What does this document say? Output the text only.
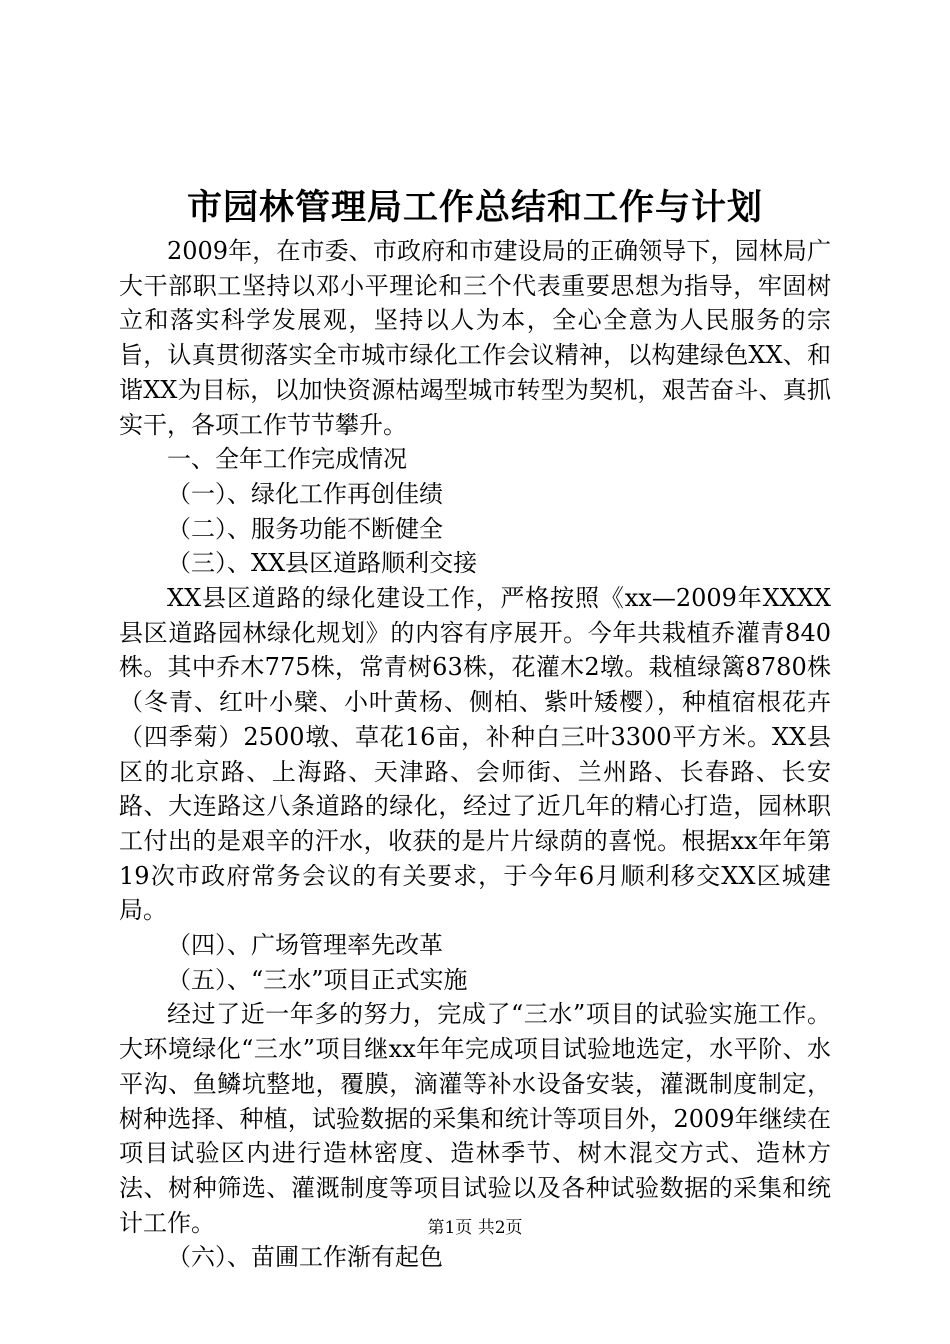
市园林管理局工作总结和工作与计划

2009年，在市委、市政府和市建设局的正确领导下，园林局广大干部职工坚持以邓小平理论和三个代表重要思想为指导，牢固树立和落实科学发展观，坚持以人为本，全心全意为人民服务的宗旨，认真贯彻落实全市城市绿化工作会议精神，以构建绿色XX、和谐XX为目标，以加快资源枯竭型城市转型为契机，艰苦奋斗、真抓实干，各项工作节节攀升。

一、全年工作完成情况

（一）、绿化工作再创佳绩

（二）、服务功能不断健全

（三）、XX县区道路顺利交接

XX县区道路的绿化建设工作，严格按照《xx—2009年XXXX县区道路园林绿化规划》的内容有序展开。今年共栽植乔灌青840株。其中乔木775株，常青树63株，花灌木2墩。栽植绿篱8780株（冬青、红叶小檗、小叶黄杨、侧柏、紫叶矮樱），种植宿根花卉（四季菊）2500墩、草花16亩，补种白三叶3300平方米。XX县区的北京路、上海路、天津路、会师街、兰州路、长春路、长安路、大连路这八条道路的绿化，经过了近几年的精心打造，园林职工付出的是艰辛的汗水，收获的是片片绿荫的喜悦。根据xx年年第19次市政府常务会议的有关要求，于今年6月顺利移交XX区城建局。

（四）、广场管理率先改革

（五）、“三水”项目正式实施

经过了近一年多的努力，完成了“三水”项目的试验实施工作。大环境绿化“三水”项目继xx年年完成项目试验地选定，水平阶、水平沟、鱼鳞坑整地，覆膜，滴灌等补水设备安装，灌溉制度制定，树种选择、种植，试验数据的采集和统计等项目外，2009年继续在项目试验区内进行造林密度、造林季节、树木混交方式、造林方法、树种筛选、灌溉制度等项目试验以及各种试验数据的采集和统计工作。

（六）、苗圃工作渐有起色

第1页 共2页
